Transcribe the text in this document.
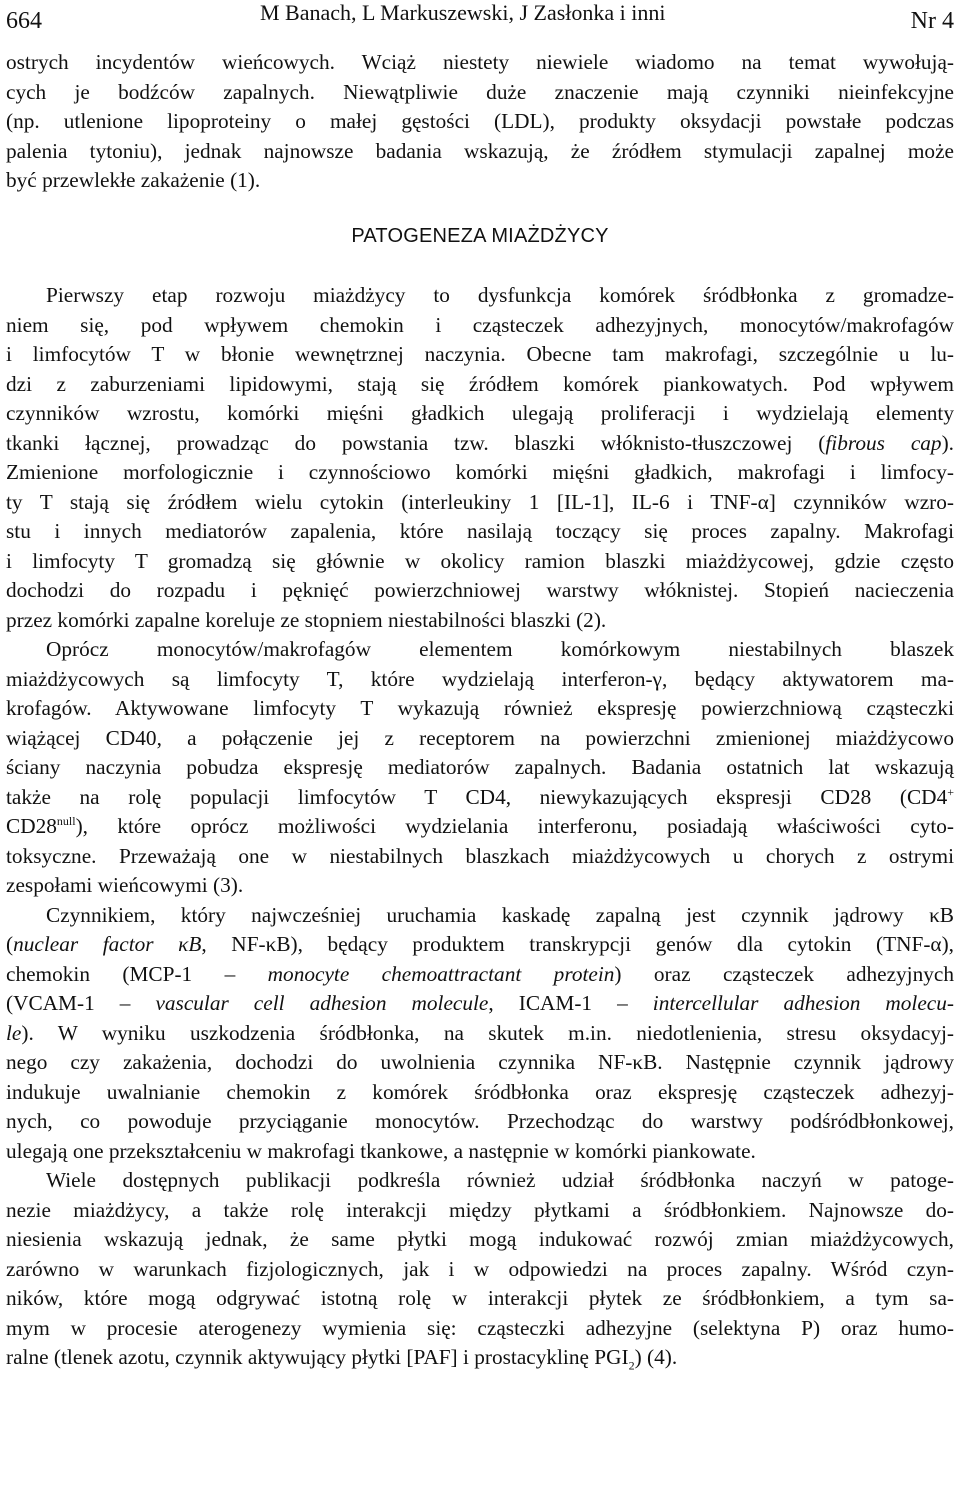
664	M Banach, L Markuszewski, J Zasłonka i inni	Nr 4
ostrych incydentów wieńcowych. Wciąż niestety niewiele wiadomo na temat wywołują-
cych je bodźców zapalnych. Niewątpliwie duże znaczenie mają czynniki nieinfekcyjne
(np. utlenione lipoproteiny o małej gęstości (LDL), produkty oksydacji powstałe podczas
palenia tytoniu), jednak najnowsze badania wskazują, że źródłem stymulacji zapalnej może
być przewlekłe zakażenie (1).
PATOGENEZA MIAŻDŻYCY
Pierwszy etap rozwoju miażdżycy to dysfunkcja komórek śródbłonka z gromadze-
niem się, pod wpływem chemokin i cząsteczek adhezyjnych, monocytów/makrofagów
i limfocytów T w błonie wewnętrznej naczynia. Obecne tam makrofagi, szczególnie u lu-
dzi z zaburzeniami lipidowymi, stają się źródłem komórek piankowatych. Pod wpływem
czynników wzrostu, komórki mięśni gładkich ulegają proliferacji i wydzielają elementy
tkanki łącznej, prowadząc do powstania tzw. blaszki włóknisto-tłuszczowej (fibrous cap).
Zmienione morfologicznie i czynnościowo komórki mięśni gładkich, makrofagi i limfocy-
ty T stają się źródłem wielu cytokin (interleukiny 1 [IL-1], IL-6 i TNF-α] czynników wzro-
stu i innych mediatorów zapalenia, które nasilają toczący się proces zapalny. Makrofagi
i limfocyty T gromadzą się głównie w okolicy ramion blaszki miażdżycowej, gdzie często
dochodzi do rozpadu i pęknięć powierzchniowej warstwy włóknistej. Stopień nacieczenia
przez komórki zapalne koreluje ze stopniem niestabilności blaszki (2).
Oprócz monocytów/makrofagów elementem komórkowym niestabilnych blaszek
miażdżycowych są limfocyty T, które wydzielają interferon-γ, będący aktywatorem ma-
krofagów. Aktywowane limfocyty T wykazują również ekspresję powierzchniową cząsteczki
wiążącej CD40, a połączenie jej z receptorem na powierzchni zmienionej miażdżycowo
ściany naczynia pobudza ekspresję mediatorów zapalnych. Badania ostatnich lat wskazują
także na rolę populacji limfocytów T CD4, niewykazujących ekspresji CD28 (CD4+
$CD28^{null}$), które oprócz możliwości wydzielania interferonu, posiadają właściwości cyto-
toksyczne. Przeważają one w niestabilnych blaszkach miażdżycowych u chorych z ostrymi
zespołami wieńcowymi (3).
Czynnikiem, który najwcześniej uruchamia kaskadę zapalną jest czynnik jądrowy κB
(nuclear factor κB, NF-κB), będący produktem transkrypcji genów dla cytokin (TNF-α),
chemokin (MCP-1 – monocyte chemoattractant protein) oraz cząsteczek adhezyjnych
(VCAM-1 – vascular cell adhesion molecule, ICAM-1 – intercellular adhesion molecu-
le). W wyniku uszkodzenia śródbłonka, na skutek m.in. niedotlenienia, stresu oksydacyj-
nego czy zakażenia, dochodzi do uwolnienia czynnika NF-κB. Następnie czynnik jądrowy
indukuje uwalnianie chemokin z komórek śródbłonka oraz ekspresję cząsteczek adhezyj-
nych, co powoduje przyciąganie monocytów. Przechodząc do warstwy podśródbłonkowej,
ulegają one przekształceniu w makrofagi tkankowe, a następnie w komórki piankowate.
Wiele dostępnych publikacji podkreśla również udział śródbłonka naczyń w patoge-
nezie miażdżycy, a także rolę interakcji między płytkami a śródbłonkiem. Najnowsze do-
niesienia wskazują jednak, że same płytki mogą indukować rozwój zmian miażdżycowych,
zarówno w warunkach fizjologicznych, jak i w odpowiedzi na proces zapalny. Wśród czyn-
ników, które mogą odgrywać istotną rolę w interakcji płytek ze śródbłonkiem, a tym sa-
mym w procesie aterogenezy wymienia się: cząsteczki adhezyjne (selektyna P) oraz humo-
ralne (tlenek azotu, czynnik aktywujący płytki [PAF] i prostacyklinę $PGI_2$) (4).
